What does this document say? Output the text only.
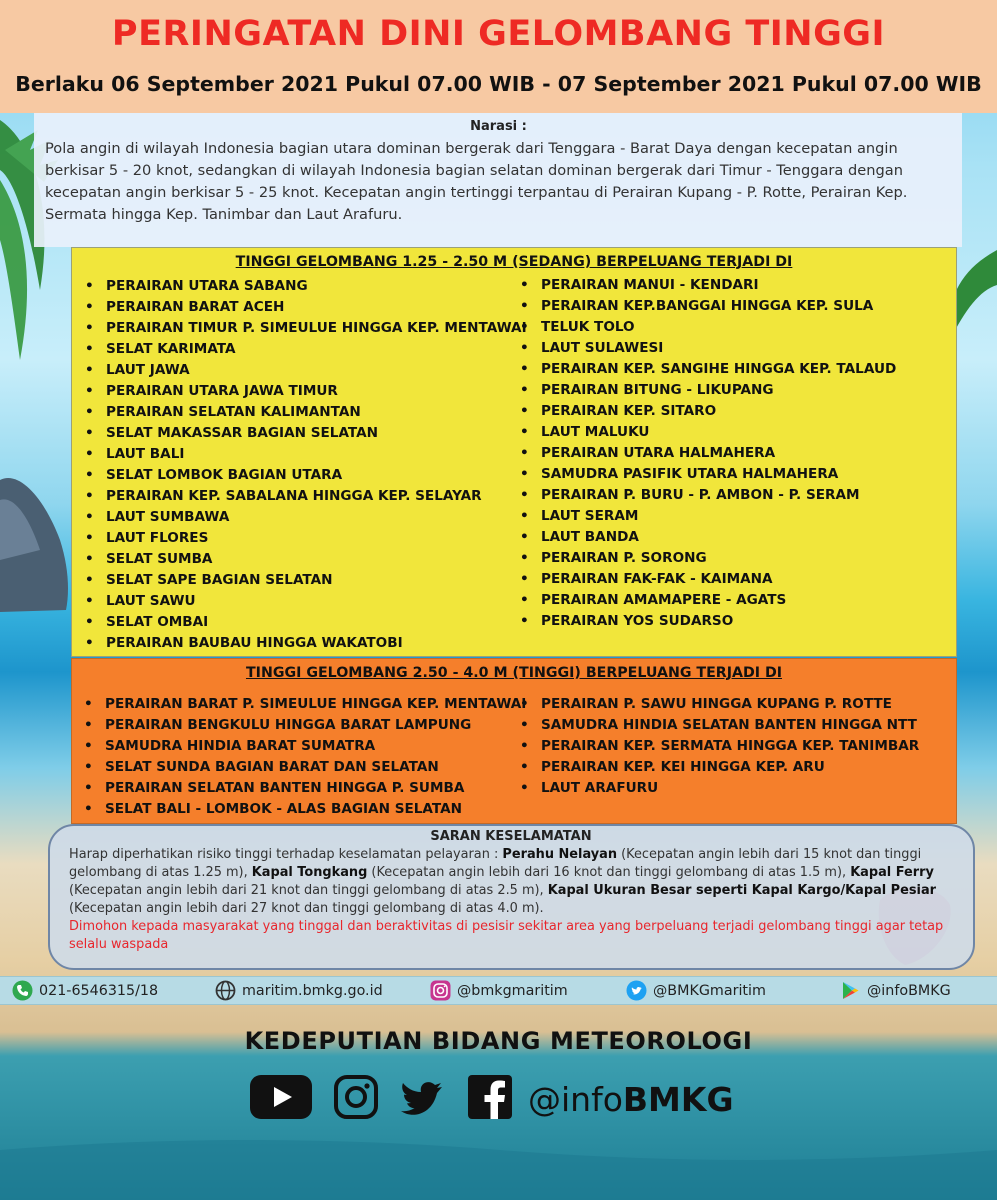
PERINGATAN DINI GELOMBANG TINGGI
Berlaku 06 September 2021 Pukul 07.00 WIB - 07 September 2021 Pukul 07.00 WIB
Narasi :
Pola angin di wilayah Indonesia bagian utara dominan bergerak dari Tenggara - Barat Daya dengan kecepatan angin berkisar 5 - 20 knot, sedangkan di wilayah Indonesia bagian selatan dominan bergerak dari Timur - Tenggara dengan kecepatan angin berkisar 5 - 25 knot. Kecepatan angin tertinggi terpantau di Perairan Kupang - P. Rotte, Perairan Kep. Sermata hingga Kep. Tanimbar dan Laut Arafuru.
TINGGI GELOMBANG 1.25 - 2.50 M (SEDANG) BERPELUANG TERJADI DI
• PERAIRAN UTARA SABANG
• PERAIRAN BARAT ACEH
• PERAIRAN TIMUR P. SIMEULUE HINGGA KEP. MENTAWAI
• SELAT KARIMATA
• LAUT JAWA
• PERAIRAN UTARA JAWA TIMUR
• PERAIRAN SELATAN KALIMANTAN
• SELAT MAKASSAR BAGIAN SELATAN
• LAUT BALI
• SELAT LOMBOK BAGIAN UTARA
• PERAIRAN KEP. SABALANA HINGGA KEP. SELAYAR
• LAUT SUMBAWA
• LAUT FLORES
• SELAT SUMBA
• SELAT SAPE BAGIAN SELATAN
• LAUT SAWU
• SELAT OMBAI
• PERAIRAN BAUBAU HINGGA WAKATOBI
• PERAIRAN MANUI - KENDARI
• PERAIRAN KEP.BANGGAI HINGGA KEP. SULA
• TELUK TOLO
• LAUT SULAWESI
• PERAIRAN KEP. SANGIHE HINGGA KEP. TALAUD
• PERAIRAN BITUNG - LIKUPANG
• PERAIRAN KEP. SITARO
• LAUT MALUKU
• PERAIRAN UTARA HALMAHERA
• SAMUDRA PASIFIK UTARA HALMAHERA
• PERAIRAN P. BURU - P. AMBON - P. SERAM
• LAUT SERAM
• LAUT BANDA
• PERAIRAN P. SORONG
• PERAIRAN FAK-FAK - KAIMANA
• PERAIRAN AMAMAPERE - AGATS
• PERAIRAN YOS SUDARSO
TINGGI GELOMBANG 2.50 - 4.0 M (TINGGI) BERPELUANG TERJADI DI
• PERAIRAN BARAT P. SIMEULUE HINGGA KEP. MENTAWAI
• PERAIRAN BENGKULU HINGGA BARAT LAMPUNG
• SAMUDRA HINDIA BARAT SUMATRA
• SELAT SUNDA BAGIAN BARAT DAN SELATAN
• PERAIRAN SELATAN BANTEN HINGGA P. SUMBA
• SELAT BALI - LOMBOK - ALAS BAGIAN SELATAN
• PERAIRAN P. SAWU HINGGA KUPANG P. ROTTE
• SAMUDRA HINDIA SELATAN BANTEN HINGGA NTT
• PERAIRAN KEP. SERMATA HINGGA KEP. TANIMBAR
• PERAIRAN KEP. KEI HINGGA KEP. ARU
• LAUT ARAFURU
SARAN KESELAMATAN
Harap diperhatikan risiko tinggi terhadap keselamatan pelayaran : Perahu Nelayan (Kecepatan angin lebih dari 15 knot dan tinggi gelombang di atas 1.25 m), Kapal Tongkang (Kecepatan angin lebih dari 16 knot dan tinggi gelombang di atas 1.5 m), Kapal Ferry (Kecepatan angin lebih dari 21 knot dan tinggi gelombang di atas 2.5 m), Kapal Ukuran Besar seperti Kapal Kargo/Kapal Pesiar (Kecepatan angin lebih dari 27 knot dan tinggi gelombang di atas 4.0 m).
Dimohon kepada masyarakat yang tinggal dan beraktivitas di pesisir sekitar area yang berpeluang terjadi gelombang tinggi agar tetap selalu waspada
021-6546315/18	maritim.bmkg.go.id	@bmkgmaritim	@BMKGmaritim	@infoBMKG
KEDEPUTIAN BIDANG METEOROLOGI
@infoBMKG
